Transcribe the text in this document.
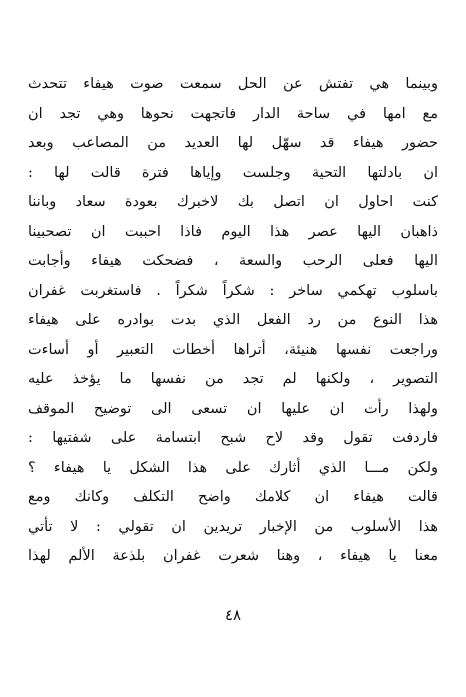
وبينما هي تفتش عن الحل سمعت صوت هيفاء تتحدث
مع امها في ساحة الدار فاتجهت نحوها وهي تجد ان
حضور هيفاء قد سهّل لها العديد من المصاعب وبعد
ان بادلتها التحية وجلست وإياها فترة قالت لها :
كنت احاول ان اتصل بك لاخبرك بعودة سعاد وباننا
ذاهبان اليها عصر هذا اليوم فاذا احببت ان تصحبينا
اليها فعلى الرحب والسعة ، فضحكت هيفاء وأجابت
باسلوب تهكمي ساخر : شكراً شكراً . فاستغربت غفران
هذا النوع من رد الفعل الذي بدت بوادره على هيفاء
وراجعت نفسها هنيئة، أتراها أخطات التعبير أو أساءت
التصوير ، ولكنها لم تجد من نفسها ما يؤخذ عليه
ولهذا رأت ان عليها ان تسعى الى توضيح الموقف
فاردفت تقول وقد لاح شبح ابتسامة على شفتيها :
ولكن مـــا الذي أثارك على هذا الشكل يا هيفاء ؟
قالت هيفاء ان كلامك واضح التكلف وكانك ومع
هذا الأسلوب من الإخبار تريدين ان تقولي : لا تأتي
معنا يا هيفاء ، وهنا شعرت غفران بلذعة الألم لهذا
٤٨
